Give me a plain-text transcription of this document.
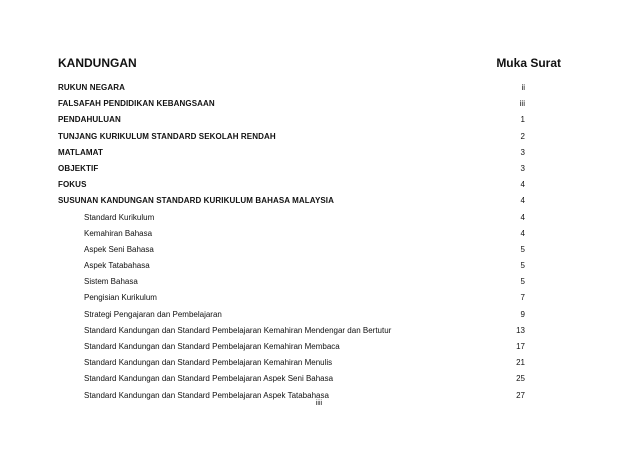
KANDUNGAN	Muka Surat
RUKUN NEGARA	ii
FALSAFAH PENDIDIKAN KEBANGSAAN	iii
PENDAHULUAN	1
TUNJANG KURIKULUM STANDARD SEKOLAH RENDAH	2
MATLAMAT	3
OBJEKTIF	3
FOKUS	4
SUSUNAN KANDUNGAN STANDARD KURIKULUM BAHASA MALAYSIA	4
Standard Kurikulum	4
Kemahiran Bahasa	4
Aspek Seni Bahasa	5
Aspek Tatabahasa	5
Sistem Bahasa	5
Pengisian Kurikulum	7
Strategi Pengajaran dan Pembelajaran	9
Standard Kandungan dan Standard Pembelajaran Kemahiran Mendengar dan Bertutur	13
Standard Kandungan dan Standard Pembelajaran Kemahiran Membaca	17
Standard Kandungan dan Standard Pembelajaran Kemahiran Menulis	21
Standard Kandungan dan Standard Pembelajaran Aspek Seni Bahasa	25
Standard Kandungan dan Standard Pembelajaran Aspek Tatabahasa	27
iiii
